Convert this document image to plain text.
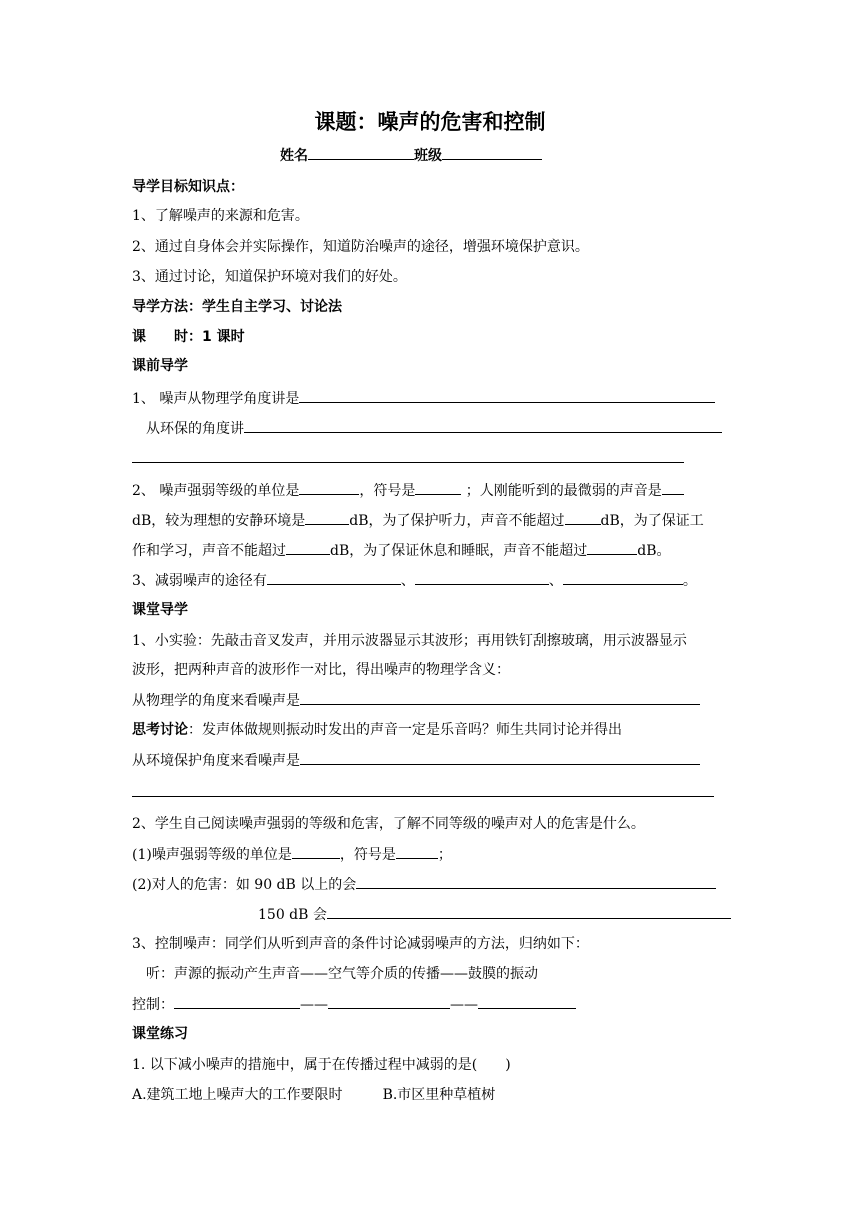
课题：噪声的危害和控制
姓名	班级
导学目标知识点：
1、了解噪声的来源和危害。
2、通过自身体会并实际操作，知道防治噪声的途径，增强环境保护意识。
3、通过讨论，知道保护环境对我们的好处。
导学方法：学生自主学习、讨论法
课　　时：1 课时
课前导学
1、 噪声从物理学角度讲是
从环保的角度讲
2、 噪声强弱等级的单位是	，符号是	；人刚能听到的最微弱的声音是
dB，较为理想的安静环境是	dB，为了保护听力，声音不能超过	dB，为了保证工
作和学习，声音不能超过	dB，为了保证休息和睡眠，声音不能超过	dB。
3、减弱噪声的途径有	、	、	。
课堂导学
1、小实验：先敲击音叉发声，并用示波器显示其波形；再用铁钉刮擦玻璃，用示波器显示
波形，把两种声音的波形作一对比，得出噪声的物理学含义：
从物理学的角度来看噪声是
思考讨论：发声体做规则振动时发出的声音一定是乐音吗？师生共同讨论并得出
从环境保护角度来看噪声是
2、学生自己阅读噪声强弱的等级和危害，了解不同等级的噪声对人的危害是什么。
(1)噪声强弱等级的单位是	，符号是	；
(2)对人的危害：如 90 dB 以上的会
150 dB 会
3、控制噪声：同学们从听到声音的条件讨论减弱噪声的方法，归纳如下：
听：声源的振动产生声音——空气等介质的传播——鼓膜的振动
控制：	——	——
课堂练习
1. 以下减小噪声的措施中，属于在传播过程中减弱的是(　　)
A.建筑工地上噪声大的工作要限时	B.市区里种草植树
